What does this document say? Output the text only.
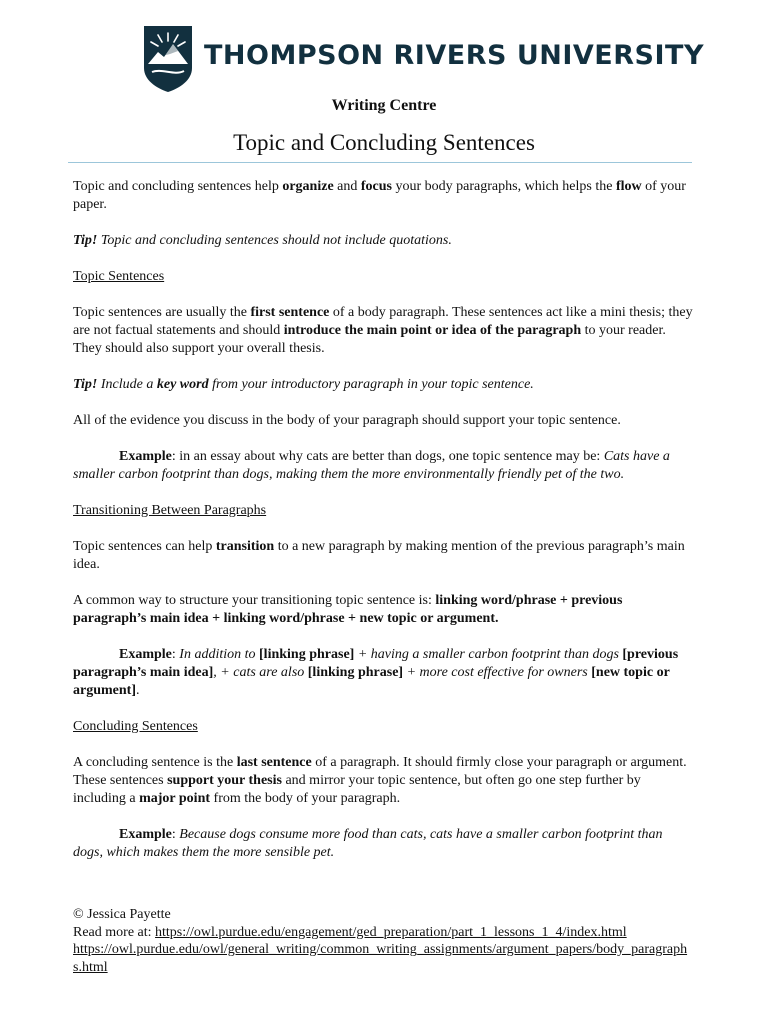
THOMPSON RIVERS UNIVERSITY
Writing Centre
Topic and Concluding Sentences

Topic and concluding sentences help organize and focus your body paragraphs, which helps the flow of your paper.

Tip! Topic and concluding sentences should not include quotations.

Topic Sentences

Topic sentences are usually the first sentence of a body paragraph. These sentences act like a mini thesis; they are not factual statements and should introduce the main point or idea of the paragraph to your reader. They should also support your overall thesis.

Tip! Include a key word from your introductory paragraph in your topic sentence.

All of the evidence you discuss in the body of your paragraph should support your topic sentence.

Example: in an essay about why cats are better than dogs, one topic sentence may be: Cats have a smaller carbon footprint than dogs, making them the more environmentally friendly pet of the two.

Transitioning Between Paragraphs

Topic sentences can help transition to a new paragraph by making mention of the previous paragraph’s main idea.

A common way to structure your transitioning topic sentence is: linking word/phrase + previous paragraph’s main idea + linking word/phrase + new topic or argument.

Example: In addition to [linking phrase] + having a smaller carbon footprint than dogs [previous paragraph’s main idea], + cats are also [linking phrase] + more cost effective for owners [new topic or argument].

Concluding Sentences

A concluding sentence is the last sentence of a paragraph. It should firmly close your paragraph or argument. These sentences support your thesis and mirror your topic sentence, but often go one step further by including a major point from the body of your paragraph.

Example: Because dogs consume more food than cats, cats have a smaller carbon footprint than dogs, which makes them the more sensible pet.

© Jessica Payette
Read more at: https://owl.purdue.edu/engagement/ged_preparation/part_1_lessons_1_4/index.html
https://owl.purdue.edu/owl/general_writing/common_writing_assignments/argument_papers/body_paragraphs.html
